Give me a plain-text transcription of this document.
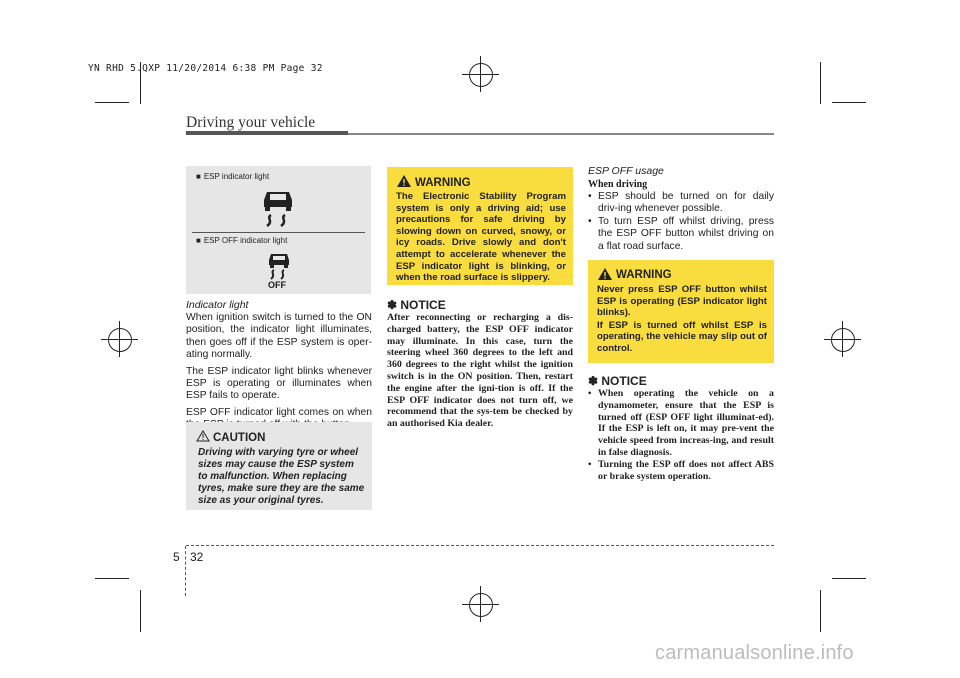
YN RHD 5.QXP 11/20/2014 6:38 PM Page 32
Driving your vehicle
■ ESP indicator light
■ ESP OFF indicator light
OFF
Indicator light

When ignition switch is turned to the ON position, the indicator light illuminates, then goes off if the ESP system is oper-ating normally.

The ESP indicator light blinks whenever ESP is operating or illuminates when ESP fails to operate.

ESP OFF indicator light comes on when

CAUTION
Driving with varying tyre or wheel sizes may cause the ESP system to malfunction. When replacing tyres, make sure they are the same size as your original tyres.
WARNING
The Electronic Stability Program system is only a driving aid; use precautions for safe driving by slowing down on curved, snowy, or icy roads. Drive slowly and don't attempt to accelerate whenever the ESP indicator light is blinking, or when the road surface is slippery.
✽ NOTICE
After reconnecting or recharging a dis-charged battery, the ESP OFF indicator may illuminate. In this case, turn the steering wheel 360 degrees to the left and 360 degrees to the right whilst the ignition switch is in the ON position. Then, restart the engine after the igni-tion is off. If the ESP OFF indicator does not turn off, we recommend that the sys-tem be checked by an authorised Kia dealer.
ESP OFF usage
When driving
• ESP should be turned on for daily driv-ing whenever possible.
• To turn ESP off whilst driving, press the ESP OFF button whilst driving on a flat road surface.
WARNING
Never press ESP OFF button whilst ESP is operating (ESP indicator light blinks).
If ESP is turned off whilst ESP is operating, the vehicle may slip out of control.
✽ NOTICE
• When operating the vehicle on a dynamometer, ensure that the ESP is turned off (ESP OFF light illuminat-ed). If the ESP is left on, it may pre-vent the vehicle speed from increas-ing, and result in false diagnosis.
• Turning the ESP off does not affect ABS or brake system operation.
5 32
carmanualsonline.info
